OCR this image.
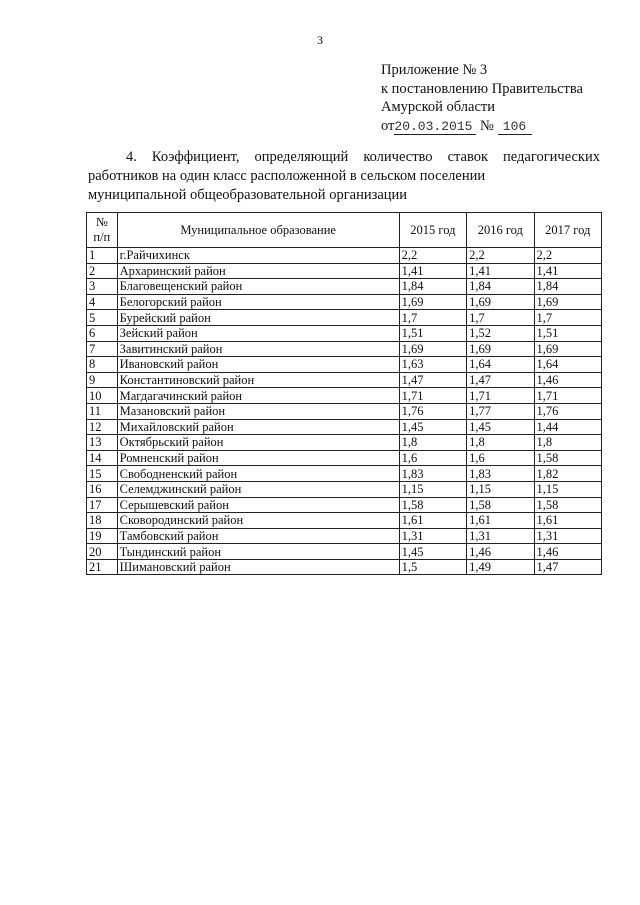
3
Приложение № 3
к постановлению Правительства
Амурской области
от20.03.2015 № 106
4. Коэффициент, определяющий количество ставок педагогических работников на один класс расположенной в сельском поселении
муниципальной общеобразовательной организации
№
п/п	Муниципальное образование	2015 год	2016 год	2017 год
1	г.Райчихинск	2,2	2,2	2,2
2	Архаринский район	1,41	1,41	1,41
3	Благовещенский район	1,84	1,84	1,84
4	Белогорский район	1,69	1,69	1,69
5	Бурейский район	1,7	1,7	1,7
6	Зейский район	1,51	1,52	1,51
7	Завитинский район	1,69	1,69	1,69
8	Ивановский район	1,63	1,64	1,64
9	Константиновский район	1,47	1,47	1,46
10	Магдагачинский район	1,71	1,71	1,71
11	Мазановский район	1,76	1,77	1,76
12	Михайловский район	1,45	1,45	1,44
13	Октябрьский район	1,8	1,8	1,8
14	Ромненский район	1,6	1,6	1,58
15	Свободненский район	1,83	1,83	1,82
16	Селемджинский район	1,15	1,15	1,15
17	Серышевский район	1,58	1,58	1,58
18	Сковородинский район	1,61	1,61	1,61
19	Тамбовский район	1,31	1,31	1,31
20	Тындинский район	1,45	1,46	1,46
21	Шимановский район	1,5	1,49	1,47
